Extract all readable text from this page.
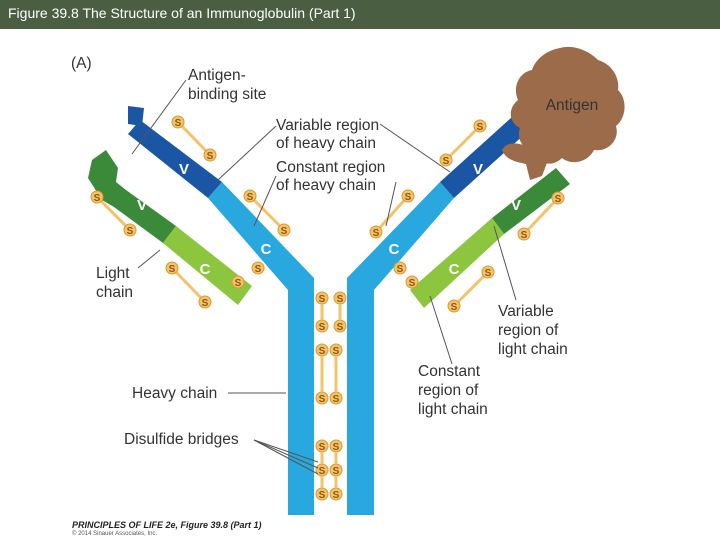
Figure 39.8 The Structure of an Immunoglobulin (Part 1)
(A)
S S
S S
S S
S S
S S
S S
S S
Antigen
S
S
S
S
S
S
S
S
S
S
S
S
S
S
S
S
S
S
S
S
V
V
C
C
V
V
C
C
Antigen- binding site
Variable region of heavy chain
Constant region of heavy chain
Light chain
Variable region of light chain
Constant region of light chain
Heavy chain
Disulfide bridges
PRINCIPLES OF LIFE 2e, Figure 39.8 (Part 1)
© 2014 Sinauer Associates, Inc.
